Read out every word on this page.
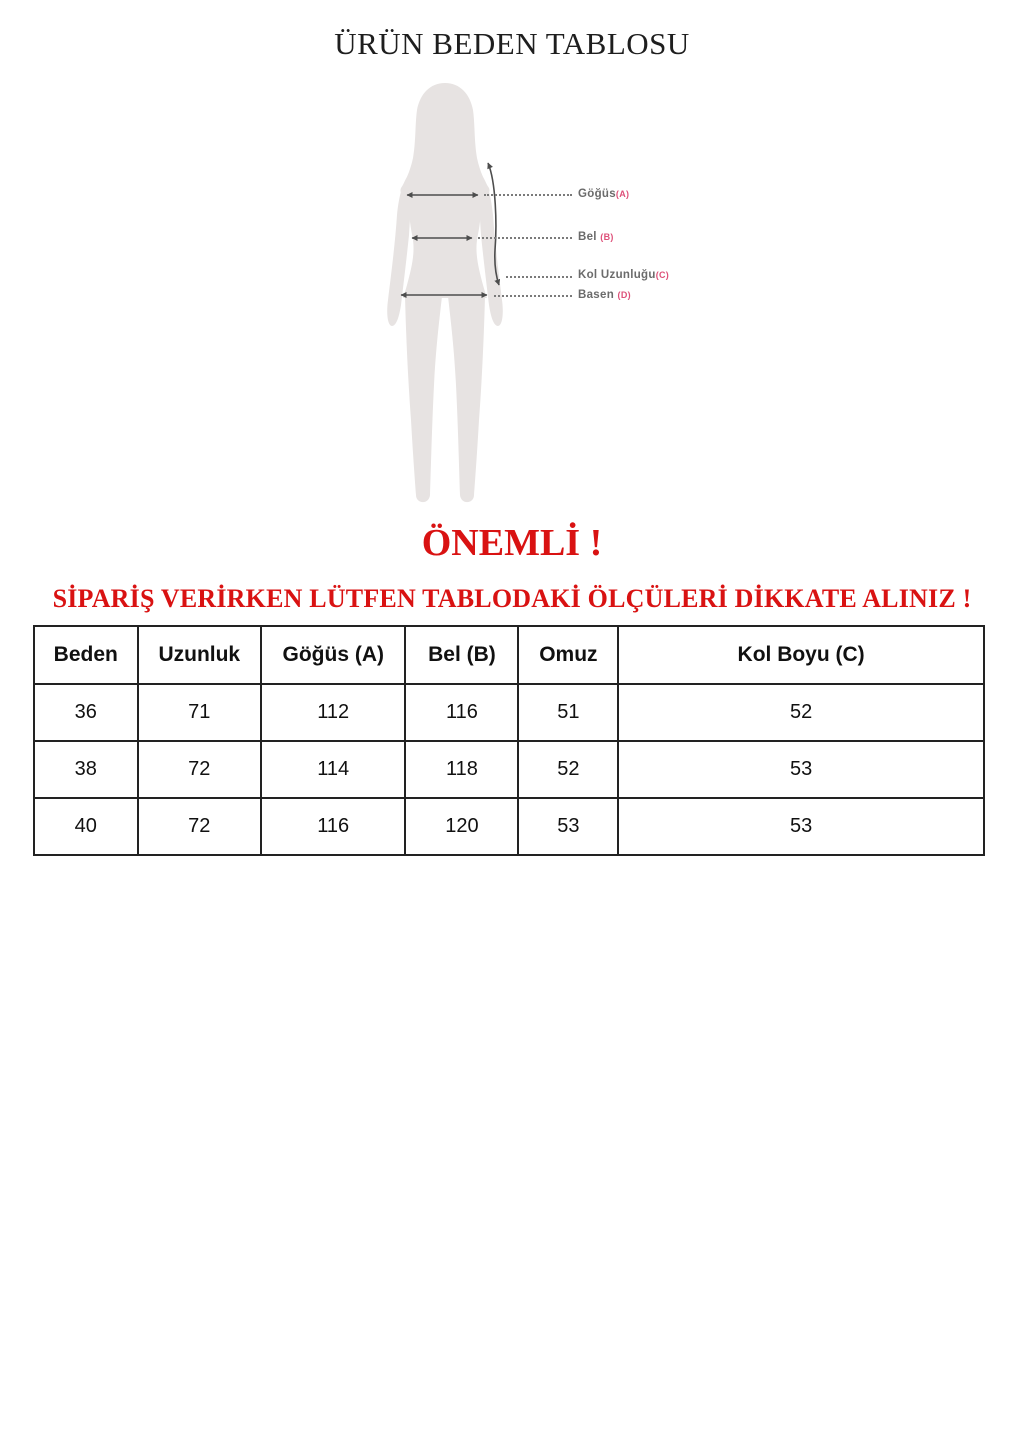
ÜRÜN BEDEN TABLOSU
Göğüs(A)
Bel (B)
Kol Uzunluğu(C)
Basen (D)
ÖNEMLİ !
SİPARİŞ VERİRKEN LÜTFEN TABLODAKİ ÖLÇÜLERİ DİKKATE ALINIZ !
Beden	Uzunluk	Göğüs (A)	Bel (B)	Omuz	Kol Boyu (C)
36	71	112	116	51	52
38	72	114	118	52	53
40	72	116	120	53	53
